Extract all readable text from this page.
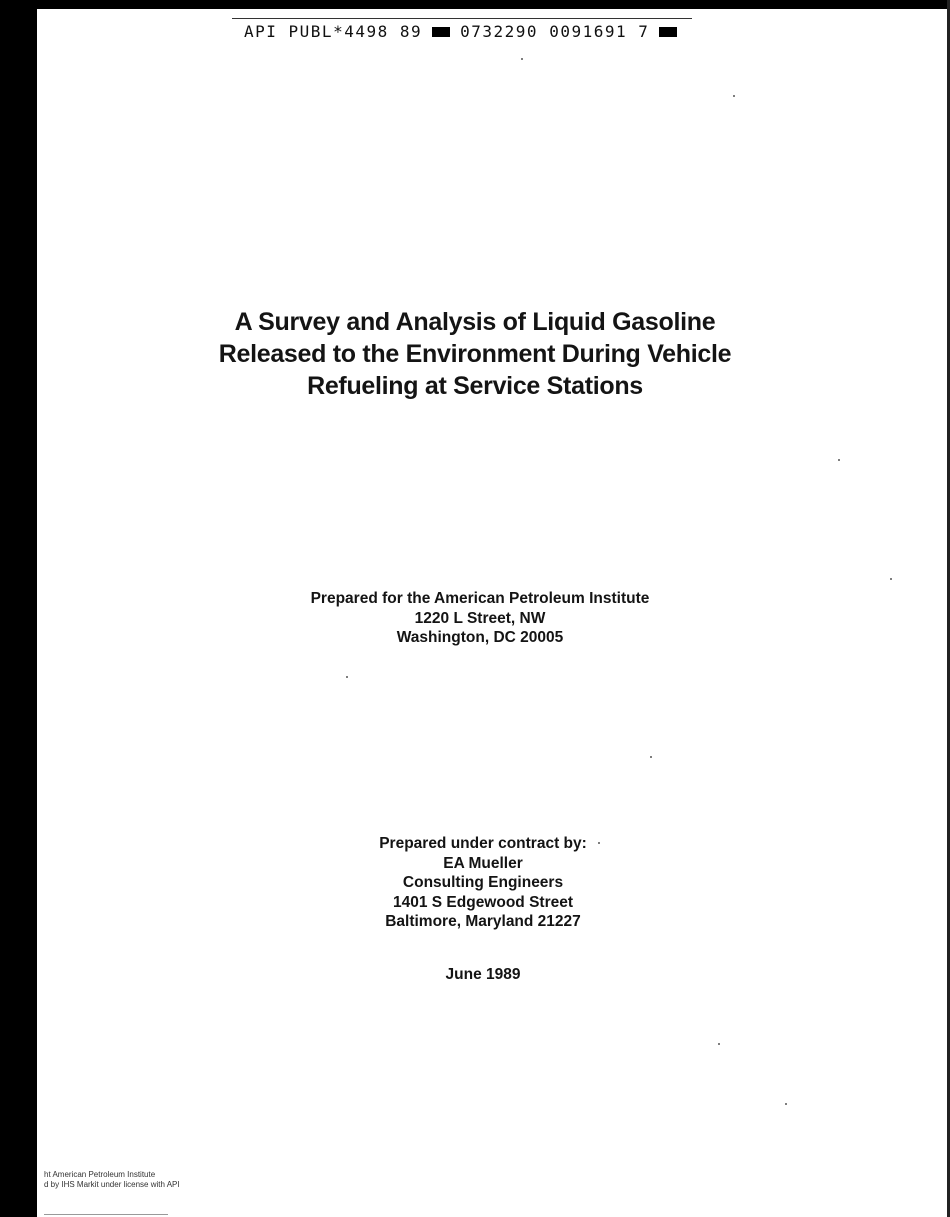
API PUBL*4498 89 0732290 0091691 7
A Survey and Analysis of Liquid Gasoline Released to the Environment During Vehicle Refueling at Service Stations
Prepared for the American Petroleum Institute
1220 L Street, NW
Washington, DC 20005
Prepared under contract by:
EA Mueller
Consulting Engineers
1401 S Edgewood Street
Baltimore, Maryland 21227
June 1989
ht American Petroleum Institute
d by IHS Markit under license with API
